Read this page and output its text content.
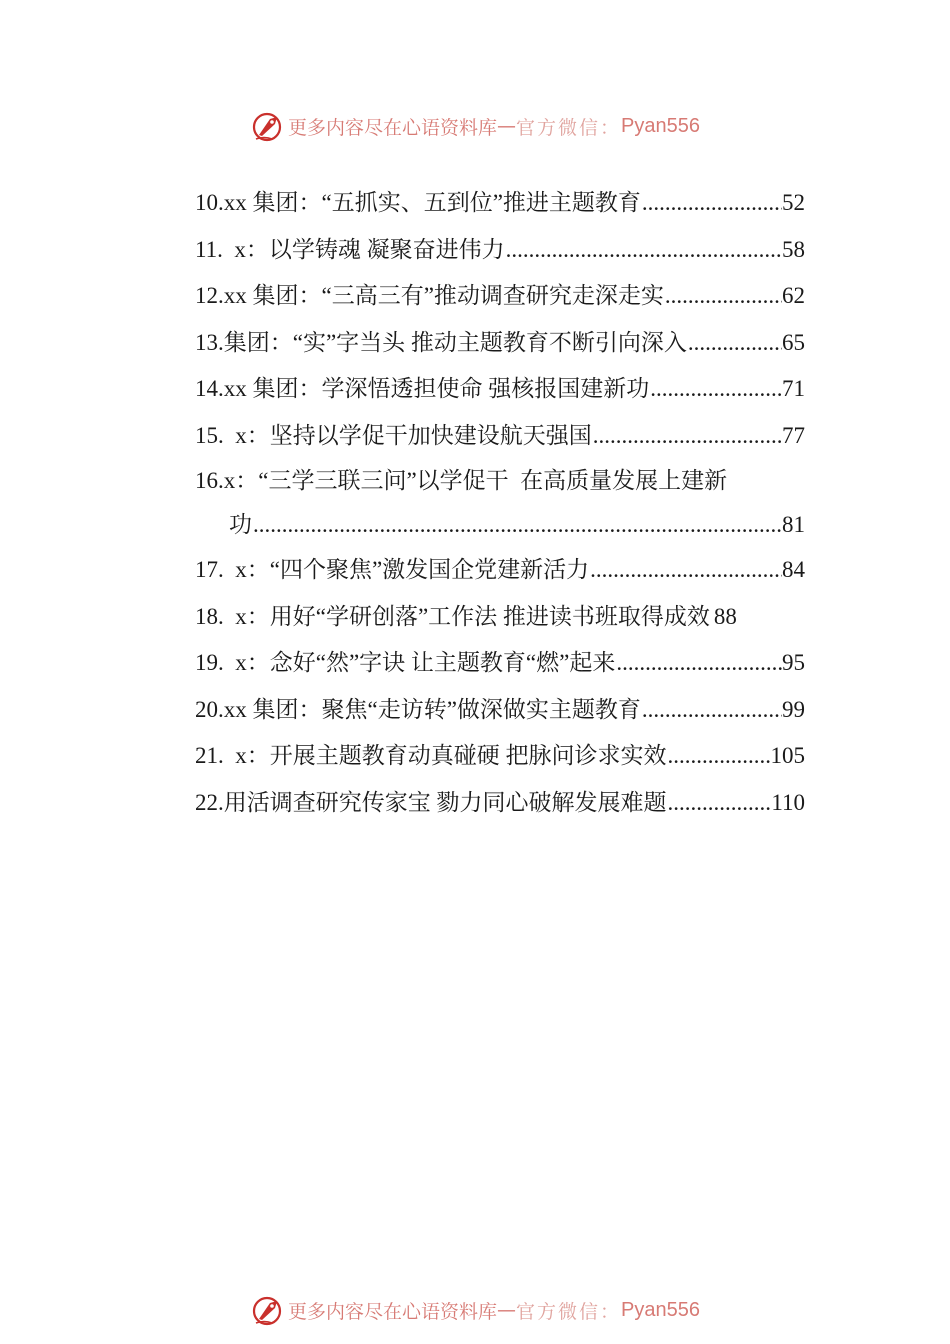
更多内容尽在心语资料库 — 官方微信： Pyan556
10. xx 集团：“五抓实、五到位”推进主题教育 .....	52
11. x：以学铸魂 凝聚奋进伟力 .....	58
12. xx 集团：“三高三有”推动调查研究走深走实 .....	62
13. 集团：“实”字当头 推动主题教育不断引向深入 .....	65
14. xx 集团：学深悟透担使命 强核报国建新功 .....	71
15. x：坚持以学促干加快建设航天强国 .....	77
16. x：“三学三联三问”以学促干  在高质量发展上建新
功 .....	81
17. x：“四个聚焦”激发国企党建新活力 .....	84
18. x：用好“学研创落”工作法 推进读书班取得成效 88
19. x：念好“然”字诀 让主题教育“燃”起来 .....	95
20. xx 集团：聚焦“走访转”做深做实主题教育 .....	99
21. x：开展主题教育动真碰硬 把脉问诊求实效 .....	105
22. 用活调查研究传家宝 勠力同心破解发展难题 .....	110
更多内容尽在心语资料库 — 官方微信： Pyan556
